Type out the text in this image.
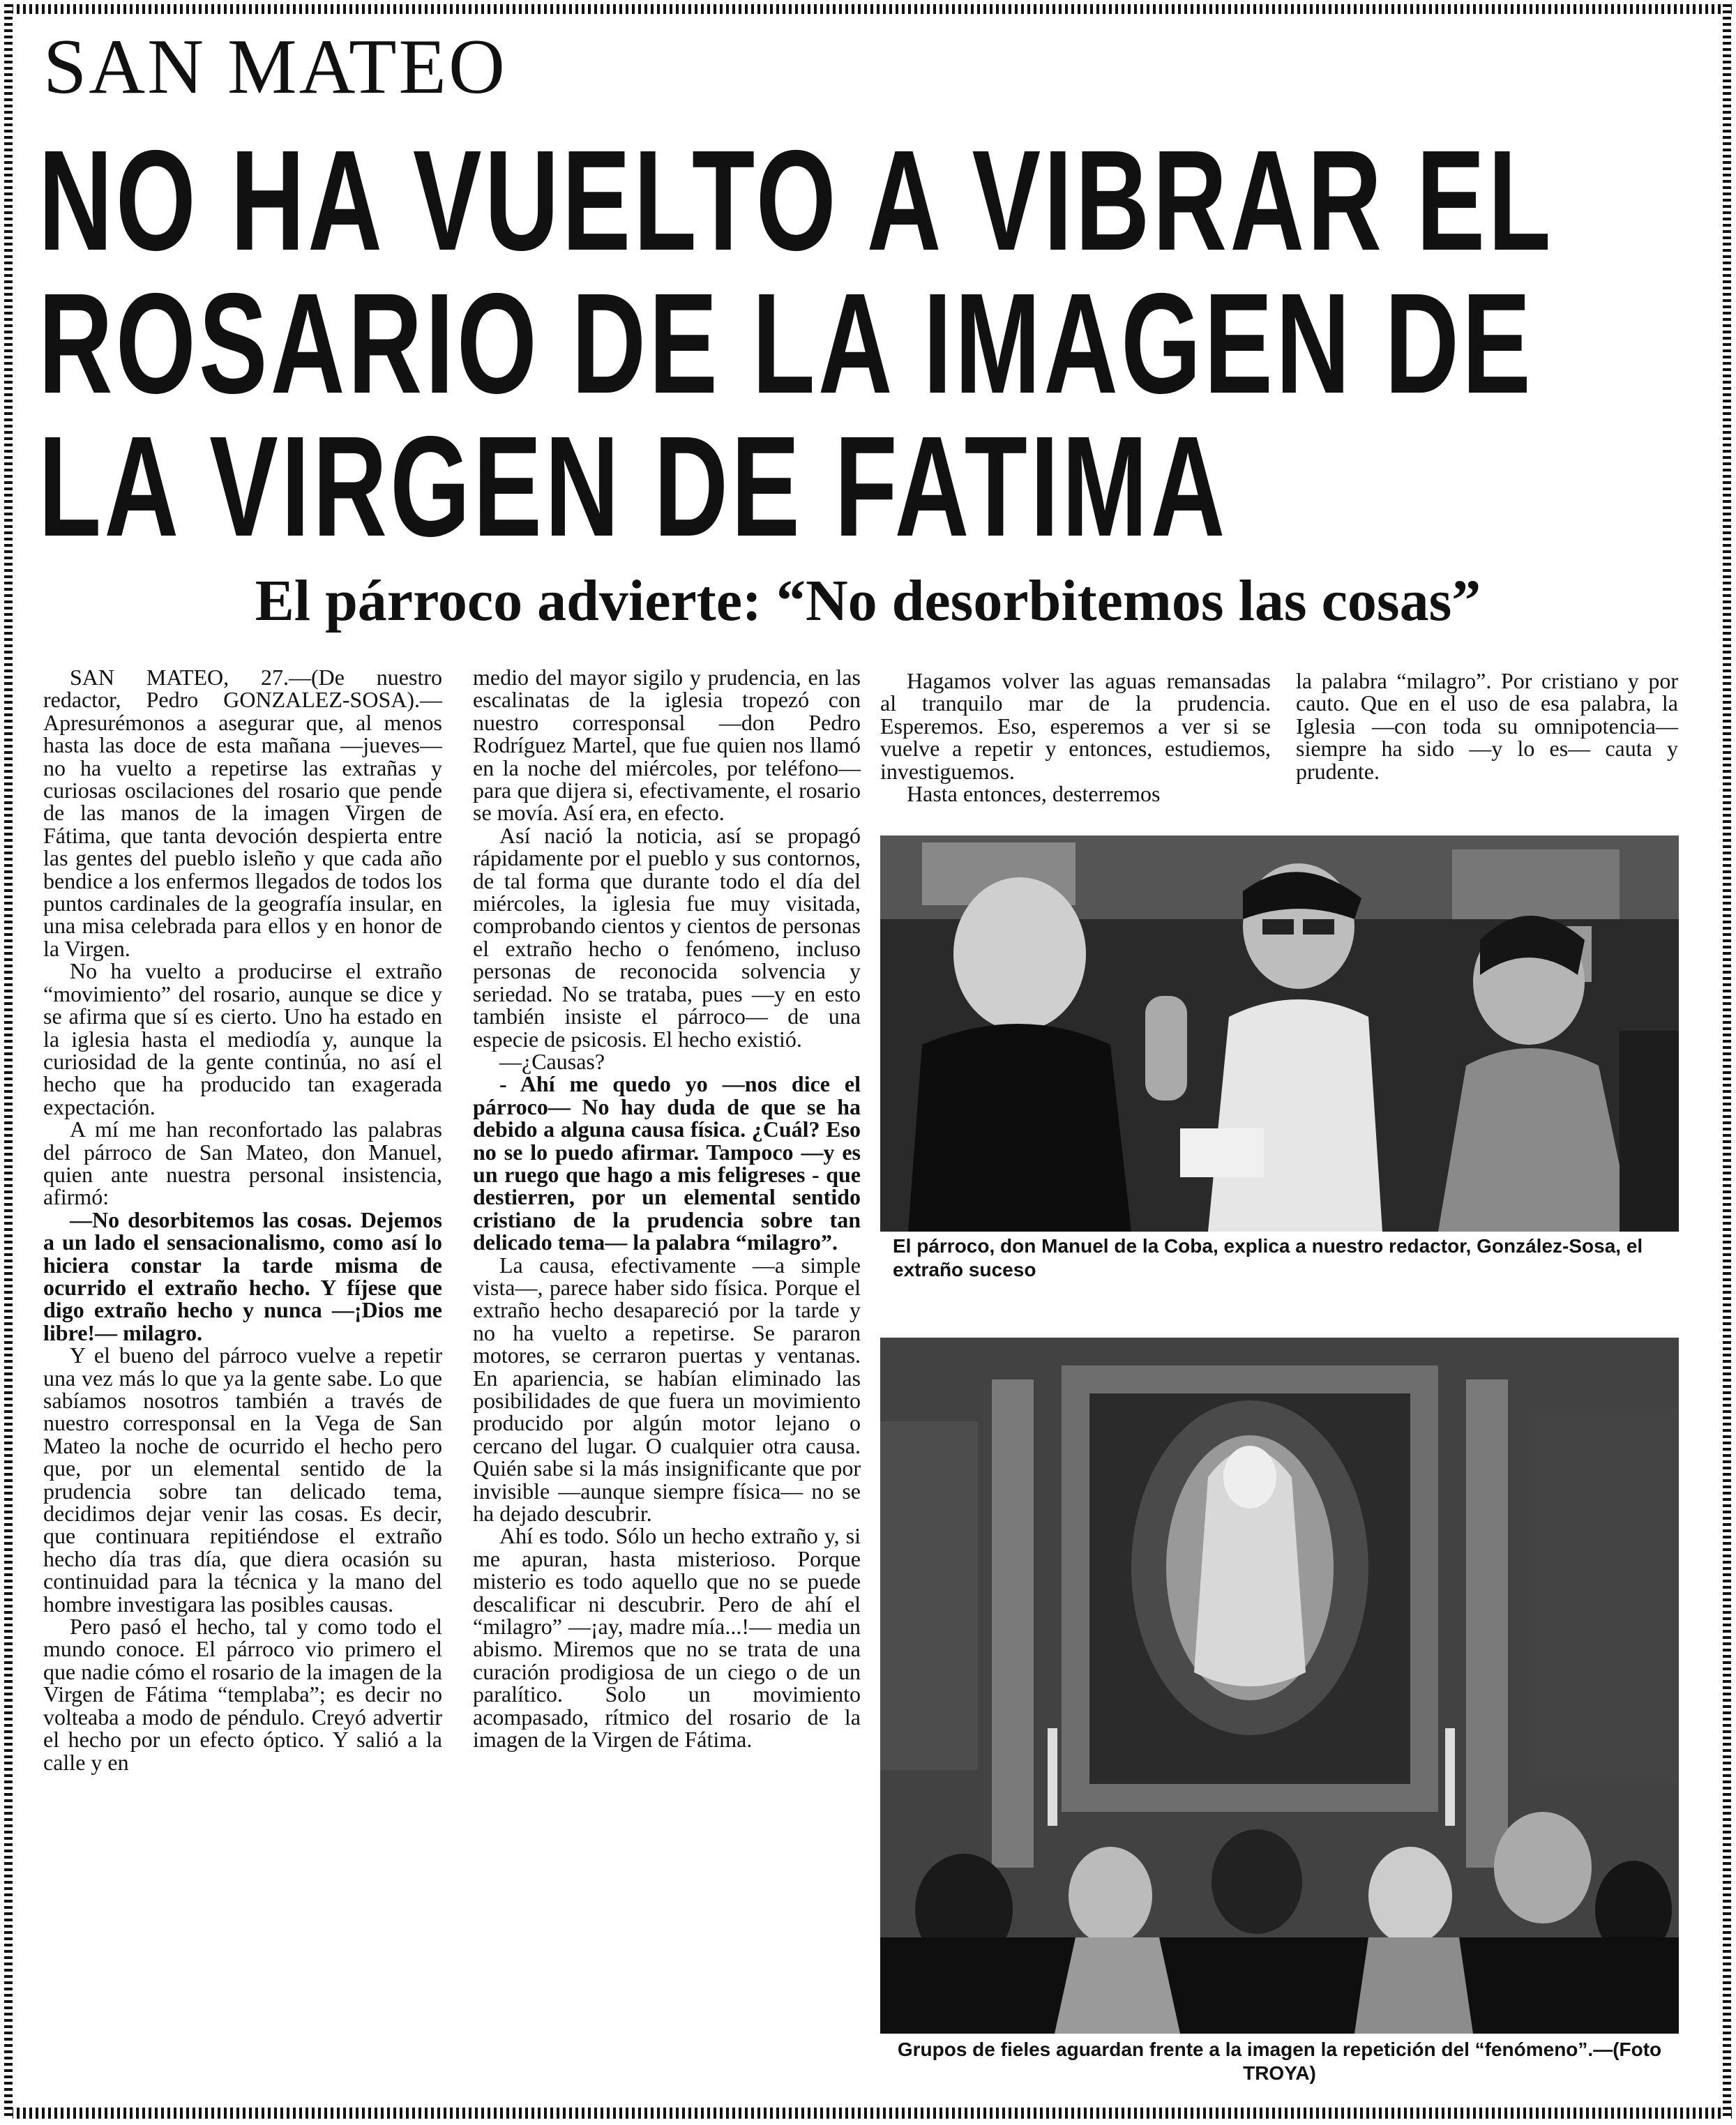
SAN MATEO
NO HA VUELTO A VIBRAR EL
ROSARIO DE LA IMAGEN DE
LA VIRGEN DE FATIMA
El párroco advierte: “No desorbitemos las cosas”

SAN MATEO, 27.—(De nuestro redactor, Pedro GONZALEZ-SOSA).—Apresurémonos a asegurar que, al menos hasta las doce de esta mañana —jueves— no ha vuelto a repetirse las extrañas y curiosas oscilaciones del rosario que pende de las manos de la imagen Virgen de Fátima, que tanta devoción despierta entre las gentes del pueblo isleño y que cada año bendice a los enfermos llegados de todos los puntos cardinales de la geografía insular, en una misa celebrada para ellos y en honor de la Virgen.

No ha vuelto a producirse el extraño “movimiento” del rosario, aunque se dice y se afirma que sí es cierto. Uno ha estado en la iglesia hasta el mediodía y, aunque la curiosidad de la gente continúa, no así el hecho que ha producido tan exagerada expectación.

A mí me han reconfortado las palabras del párroco de San Mateo, don Manuel, quien ante nuestra personal insistencia, afirmó:

—No desorbitemos las cosas. Dejemos a un lado el sensacionalismo, como así lo hiciera constar la tarde misma de ocurrido el extraño hecho. Y fíjese que digo extraño hecho y nunca —¡Dios me libre!— milagro.

Y el bueno del párroco vuelve a repetir una vez más lo que ya la gente sabe. Lo que sabíamos nosotros también a través de nuestro corresponsal en la Vega de San Mateo la noche de ocurrido el hecho pero que, por un elemental sentido de la prudencia sobre tan delicado tema, decidimos dejar venir las cosas. Es decir, que continuara repitiéndose el extraño hecho día tras día, que diera ocasión su continuidad para la técnica y la mano del hombre investigara las posibles causas.

Pero pasó el hecho, tal y como todo el mundo conoce. El párroco vio primero el que nadie cómo el rosario de la imagen de la Virgen de Fátima “templaba”; es decir no volteaba a modo de péndulo. Creyó advertir el hecho por un efecto óptico. Y salió a la calle y en

medio del mayor sigilo y prudencia, en las escalinatas de la iglesia tropezó con nuestro corresponsal —don Pedro Rodríguez Martel, que fue quien nos llamó en la noche del miércoles, por teléfono— para que dijera si, efectivamente, el rosario se movía. Así era, en efecto.

Así nació la noticia, así se propagó rápidamente por el pueblo y sus contornos, de tal forma que durante todo el día del miércoles, la iglesia fue muy visitada, comprobando cientos y cientos de personas el extraño hecho o fenómeno, incluso personas de reconocida solvencia y seriedad. No se trataba, pues —y en esto también insiste el párroco— de una especie de psicosis. El hecho existió.

—¿Causas?

- Ahí me quedo yo —nos dice el párroco— No hay duda de que se ha debido a alguna causa física. ¿Cuál? Eso no se lo puedo afirmar. Tampoco —y es un ruego que hago a mis feligreses - que destierren, por un elemental sentido cristiano de la prudencia sobre tan delicado tema— la palabra “milagro”.

La causa, efectivamente —a simple vista—, parece haber sido física. Porque el extraño hecho desapareció por la tarde y no ha vuelto a repetirse. Se pararon motores, se cerraron puertas y ventanas. En apariencia, se habían eliminado las posibilidades de que fuera un movimiento producido por algún motor lejano o cercano del lugar. O cualquier otra causa. Quién sabe si la más insignificante que por invisible —aunque siempre física— no se ha dejado descubrir.

Ahí es todo. Sólo un hecho extraño y, si me apuran, hasta misterioso. Porque misterio es todo aquello que no se puede descalificar ni descubrir. Pero de ahí el “milagro” —¡ay, madre mía...!— media un abismo. Miremos que no se trata de una curación prodigiosa de un ciego o de un paralítico. Solo un movimiento acompasado, rítmico del rosario de la imagen de la Virgen de Fátima.

Hagamos volver las aguas remansadas al tranquilo mar de la prudencia. Esperemos. Eso, esperemos a ver si se vuelve a repetir y entonces, estudiemos, investiguemos.

Hasta entonces, desterremos

la palabra “milagro”. Por cristiano y por cauto. Que en el uso de esa palabra, la Iglesia —con toda su omnipotencia— siempre ha sido —y lo es— cauta y prudente.

El párroco, don Manuel de la Coba, explica a nuestro redactor, González-Sosa, el extraño suceso
Grupos de fieles aguardan frente a la imagen la repetición del “fenómeno”.—(Foto TROYA)
